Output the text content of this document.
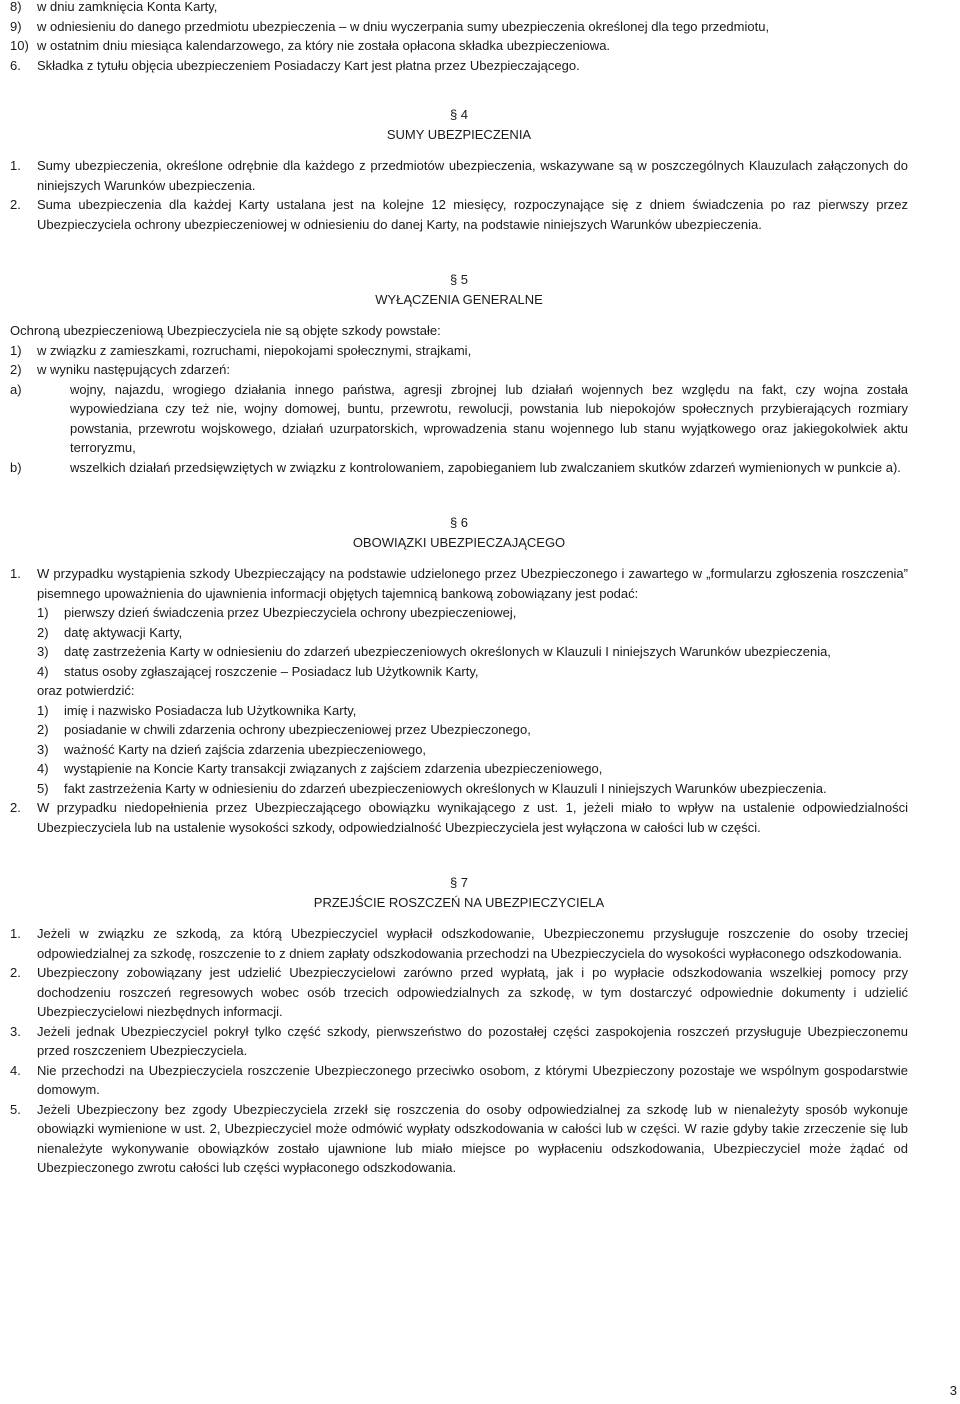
8)	w dniu zamknięcia Konta Karty,
9)	w odniesieniu do danego przedmiotu ubezpieczenia – w dniu wyczerpania sumy ubezpieczenia określonej dla tego przedmiotu,
10) w ostatnim dniu miesiąca kalendarzowego, za który nie została opłacona składka ubezpieczeniowa.
6.	Składka z tytułu objęcia ubezpieczeniem Posiadaczy Kart jest płatna przez Ubezpieczającego.
§ 4
SUMY UBEZPIECZENIA
1.	Sumy ubezpieczenia, określone odrębnie dla każdego z przedmiotów ubezpieczenia, wskazywane są w poszczególnych Klauzulach załączonych do niniejszych Warunków ubezpieczenia.
2.	Suma ubezpieczenia dla każdej Karty ustalana jest na kolejne 12 miesięcy, rozpoczynające się z dniem świadczenia po raz pierwszy przez Ubezpieczyciela ochrony ubezpieczeniowej w odniesieniu do danej Karty, na podstawie niniejszych Warunków ubezpieczenia.
§ 5
WYŁĄCZENIA GENERALNE
Ochroną ubezpieczeniową Ubezpieczyciela nie są objęte szkody powstałe:
1)	w związku z zamieszkami, rozruchami, niepokojami społecznymi, strajkami,
2)	w wyniku następujących zdarzeń:
a)	wojny, najazdu, wrogiego działania innego państwa, agresji zbrojnej lub działań wojennych bez względu na fakt, czy wojna została wypowiedziana czy też nie, wojny domowej, buntu, przewrotu, rewolucji, powstania lub niepokojów społecznych przybierających rozmiary powstania, przewrotu wojskowego, działań uzurpatorskich, wprowadzenia stanu wojennego lub stanu wyjątkowego oraz jakiegokolwiek aktu terroryzmu,
b)	wszelkich działań przedsięwziętych w związku z kontrolowaniem, zapobieganiem lub zwalczaniem skutków zdarzeń wymienionych w punkcie a).
§ 6
OBOWIĄZKI UBEZPIECZAJĄCEGO
1.	W przypadku wystąpienia szkody Ubezpieczający na podstawie udzielonego przez Ubezpieczonego i zawartego w „formularzu zgłoszenia roszczenia” pisemnego upoważnienia do ujawnienia informacji objętych tajemnicą bankową zobowiązany jest podać:
1)	pierwszy dzień świadczenia przez Ubezpieczyciela ochrony ubezpieczeniowej,
2)	datę aktywacji Karty,
3)	datę zastrzeżenia Karty w odniesieniu do zdarzeń ubezpieczeniowych określonych w Klauzuli I niniejszych Warunków ubezpieczenia,
4)	status osoby zgłaszającej roszczenie – Posiadacz lub Użytkownik Karty,
oraz potwierdzić:
1)	imię i nazwisko Posiadacza lub Użytkownika Karty,
2)	posiadanie w chwili zdarzenia ochrony ubezpieczeniowej przez Ubezpieczonego,
3)	ważność Karty na dzień zajścia zdarzenia ubezpieczeniowego,
4)	wystąpienie na Koncie Karty transakcji związanych z zajściem zdarzenia ubezpieczeniowego,
5)	fakt zastrzeżenia Karty w odniesieniu do zdarzeń ubezpieczeniowych określonych w Klauzuli I niniejszych Warunków ubezpieczenia.
2.	W przypadku niedopełnienia przez Ubezpieczającego obowiązku wynikającego z ust. 1, jeżeli miało to wpływ na ustalenie odpowiedzialności Ubezpieczyciela lub na ustalenie wysokości szkody, odpowiedzialność Ubezpieczyciela jest wyłączona w całości lub w części.
§ 7
PRZEJŚCIE ROSZCZEŃ NA UBEZPIECZYCIELA
1.	Jeżeli w związku ze szkodą, za którą Ubezpieczyciel wypłacił odszkodowanie, Ubezpieczonemu przysługuje roszczenie do osoby trzeciej odpowiedzialnej za szkodę, roszczenie to z dniem zapłaty odszkodowania przechodzi na Ubezpieczyciela do wysokości wypłaconego odszkodowania.
2.	Ubezpieczony zobowiązany jest udzielić Ubezpieczycielowi zarówno przed wypłatą, jak i po wypłacie odszkodowania wszelkiej pomocy przy dochodzeniu roszczeń regresowych wobec osób trzecich odpowiedzialnych za szkodę, w tym dostarczyć odpowiednie dokumenty i udzielić Ubezpieczycielowi niezbędnych informacji.
3.	Jeżeli jednak Ubezpieczyciel pokrył tylko część szkody, pierwszeństwo do pozostałej części zaspokojenia roszczeń przysługuje Ubezpieczonemu przed roszczeniem Ubezpieczyciela.
4.	Nie przechodzi na Ubezpieczyciela roszczenie Ubezpieczonego przeciwko osobom, z którymi Ubezpieczony pozostaje we wspólnym gospodarstwie domowym.
5.	Jeżeli Ubezpieczony bez zgody Ubezpieczyciela zrzekł się roszczenia do osoby odpowiedzialnej za szkodę lub w nienależyty sposób wykonuje obowiązki wymienione w ust. 2, Ubezpieczyciel może odmówić wypłaty odszkodowania w całości lub w części. W razie gdyby takie zrzeczenie się lub nienależyte wykonywanie obowiązków zostało ujawnione lub miało miejsce po wypłaceniu odszkodowania, Ubezpieczyciel może żądać od Ubezpieczonego zwrotu całości lub części wypłaconego odszkodowania.
3
